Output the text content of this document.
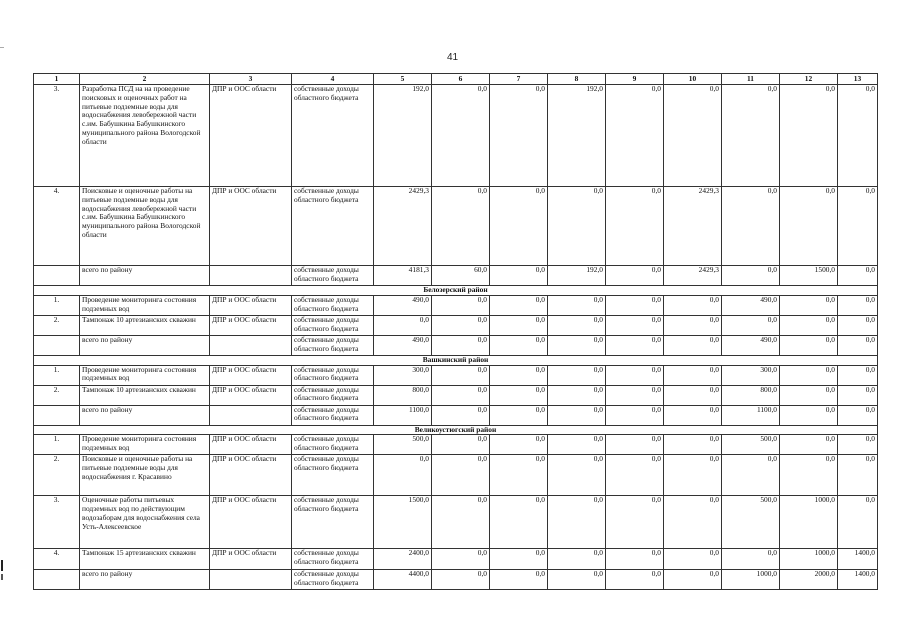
41
1	2	3	4	5	6	7	8	9	10	11	12	13
3.	Разработка ПСД на на проведение поисковых и оценочных работ на питьевые подземные воды для водоснабжения левобережной части с.им. Бабушкина Бабушкинского муниципального района Вологодской области	ДПР и ООС области	собственные доходы областного бюджета	192,0	0,0	0,0	192,0	0,0	0,0	0,0	0,0	0,0
4.	Поисковые и оценочные работы на питьевые подземные воды для водоснабжения левобережной части с.им. Бабушкина Бабушкинского муниципального района Вологодской области	ДПР и ООС области	собственные доходы областного бюджета	2429,3	0,0	0,0	0,0	0,0	2429,3	0,0	0,0	0,0
	всего по району		собственные доходы областного бюджета	4181,3	60,0	0,0	192,0	0,0	2429,3	0,0	1500,0	0,0
Белозерский район												
1.	Проведение мониторинга состояния подземных вод	ДПР и ООС области	собственные доходы областного бюджета	490,0	0,0	0,0	0,0	0,0	0,0	490,0	0,0	0,0
2.	Тампонаж 10 артезианских скважин	ДПР и ООС области	собственные доходы областного бюджета	0,0	0,0	0,0	0,0	0,0	0,0	0,0	0,0	0,0
	всего по району		собственные доходы областного бюджета	490,0	0,0	0,0	0,0	0,0	0,0	490,0	0,0	0,0
Вашкинский район												
1.	Проведение мониторинга состояния подземных вод	ДПР и ООС области	собственные доходы областного бюджета	300,0	0,0	0,0	0,0	0,0	0,0	300,0	0,0	0,0
2.	Тампонаж 10 артезианских скважин	ДПР и ООС области	собственные доходы областного бюджета	800,0	0,0	0,0	0,0	0,0	0,0	800,0	0,0	0,0
	всего по району		собственные доходы областного бюджета	1100,0	0,0	0,0	0,0	0,0	0,0	1100,0	0,0	0,0
Великоустюгский район												
1.	Проведение мониторинга состояния подземных вод	ДПР и ООС области	собственные доходы областного бюджета	500,0	0,0	0,0	0,0	0,0	0,0	500,0	0,0	0,0
2.	Поисковые и оценочные работы на питьевые подземные воды для водоснабжения г. Красавино	ДПР и ООС области	собственные доходы областного бюджета	0,0	0,0	0,0	0,0	0,0	0,0	0,0	0,0	0,0
3.	Оценочные работы питьевых подземных вод по действующим водозаборам для водоснабжения села Усть-Алексеевское	ДПР и ООС области	собственные доходы областного бюджета	1500,0	0,0	0,0	0,0	0,0	0,0	500,0	1000,0	0,0
4.	Тампонаж 15 артезианских скважин	ДПР и ООС области	собственные доходы областного бюджета	2400,0	0,0	0,0	0,0	0,0	0,0	0,0	1000,0	1400,0
	всего по району		собственные доходы областного бюджета	4400,0	0,0	0,0	0,0	0,0	0,0	1000,0	2000,0	1400,0
